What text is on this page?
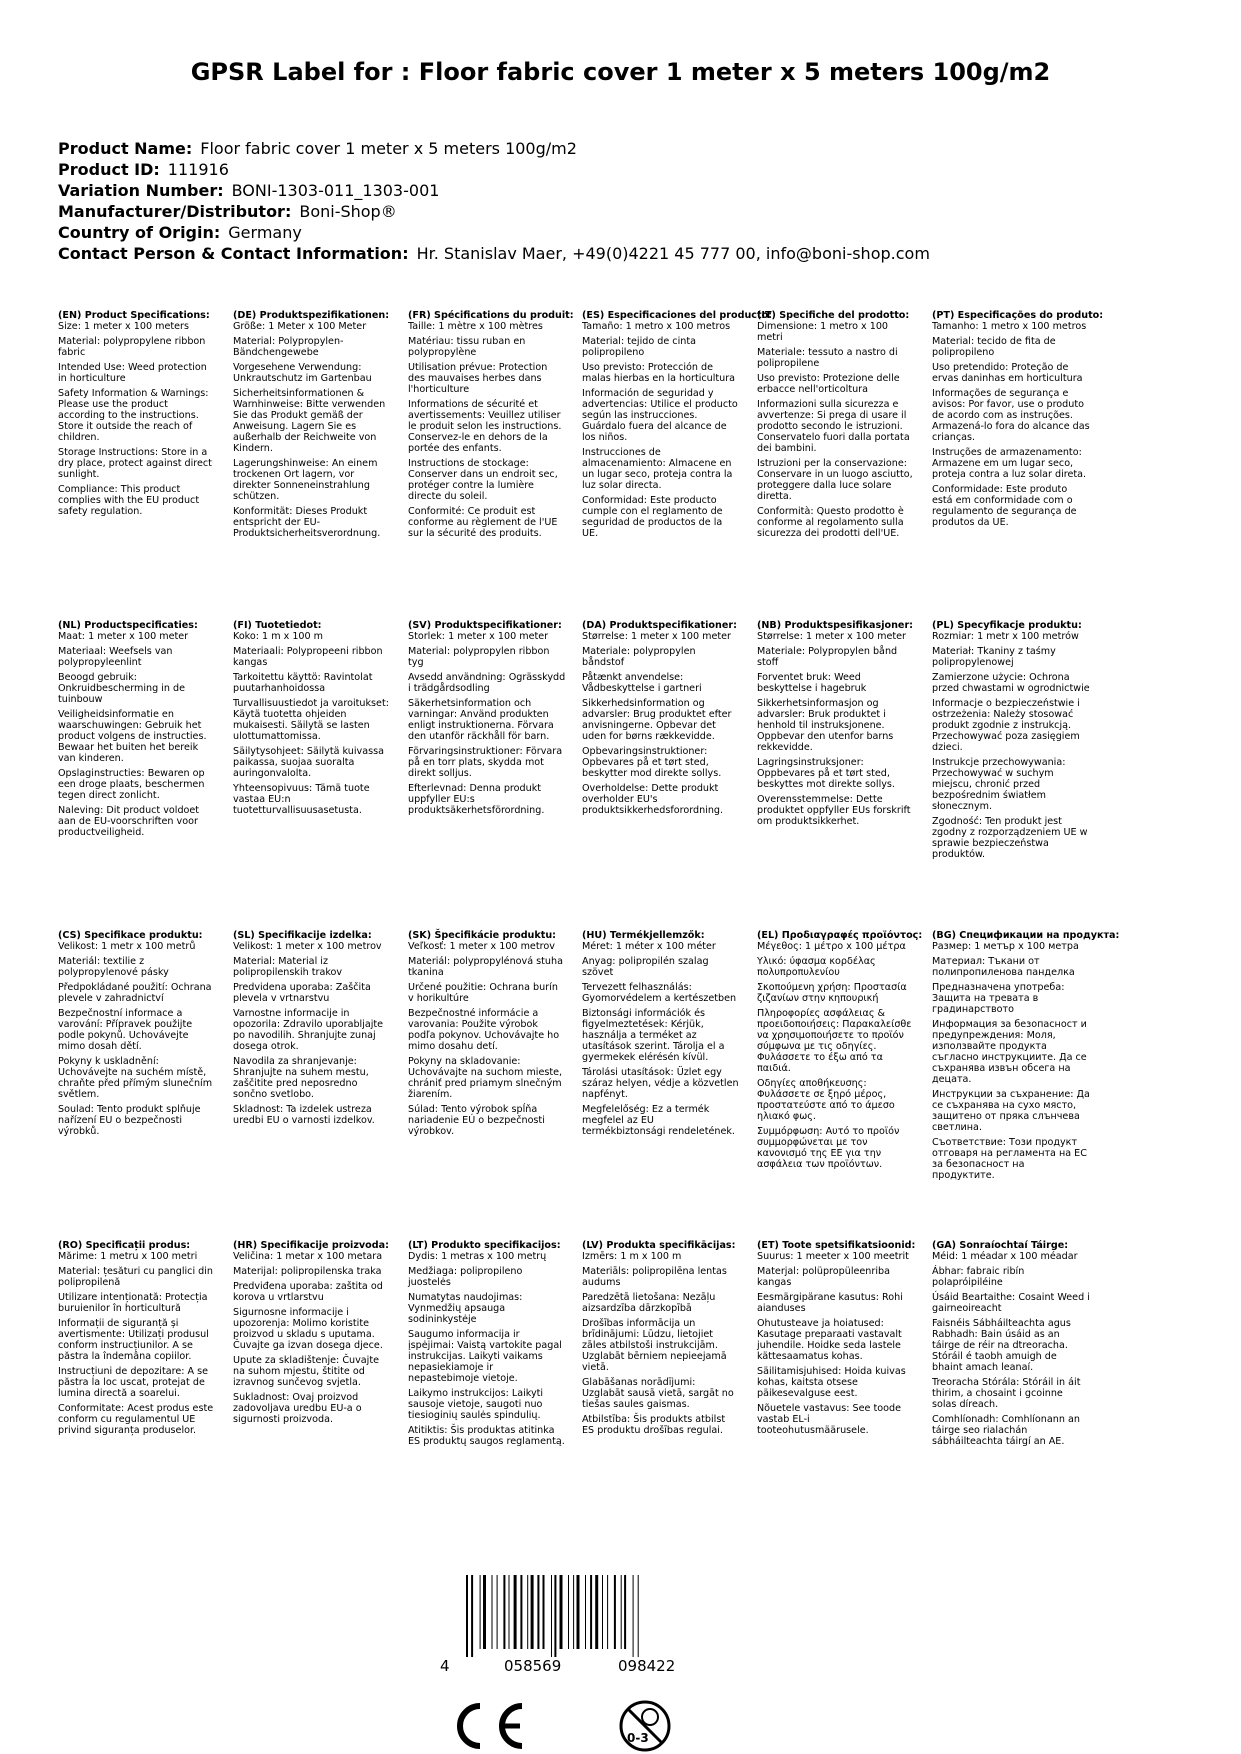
GPSR Label for : Floor fabric cover 1 meter x 5 meters 100g/m2
Product Name: Floor fabric cover 1 meter x 5 meters 100g/m2
Product ID: 111916
Variation Number: BONI-1303-011_1303-001
Manufacturer/Distributor: Boni-Shop®
Country of Origin: Germany
Contact Person & Contact Information: Hr. Stanislav Maer, +49(0)4221 45 777 00, info@boni-shop.com
(EN) Product Specifications:

Size: 1 meter x 100 meters

Material: polypropylene ribbon fabric

Intended Use: Weed protection in horticulture

Safety Information & Warnings: Please use the product according to the instructions. Store it outside the reach of children.

Storage Instructions: Store in a dry place, protect against direct sunlight.

Compliance: This product complies with the EU product safety regulation.

(DE) Produktspezifikationen:

Größe: 1 Meter x 100 Meter

Material: Polypropylen-Bändchengewebe

Vorgesehene Verwendung: Unkrautschutz im Gartenbau

Sicherheitsinformationen & Warnhinweise: Bitte verwenden Sie das Produkt gemäß der Anweisung. Lagern Sie es außerhalb der Reichweite von Kindern.

Lagerungshinweise: An einem trockenen Ort lagern, vor direkter Sonneneinstrahlung schützen.

Konformität: Dieses Produkt entspricht der EU-Produktsicherheitsverordnung.

(FR) Spécifications du produit:

Taille: 1 mètre x 100 mètres

Matériau: tissu ruban en polypropylène

Utilisation prévue: Protection des mauvaises herbes dans l'horticulture

Informations de sécurité et avertissements: Veuillez utiliser le produit selon les instructions. Conservez-le en dehors de la portée des enfants.

Instructions de stockage: Conserver dans un endroit sec, protéger contre la lumière directe du soleil.

Conformité: Ce produit est conforme au règlement de l'UE sur la sécurité des produits.

(ES) Especificaciones del producto:

Tamaño: 1 metro x 100 metros

Material: tejido de cinta polipropileno

Uso previsto: Protección de malas hierbas en la horticultura

Información de seguridad y advertencias: Utilice el producto según las instrucciones. Guárdalo fuera del alcance de los niños.

Instrucciones de almacenamiento: Almacene en un lugar seco, proteja contra la luz solar directa.

Conformidad: Este producto cumple con el reglamento de seguridad de productos de la UE.

(IT) Specifiche del prodotto:

Dimensione: 1 metro x 100 metri

Materiale: tessuto a nastro di polipropilene

Uso previsto: Protezione delle erbacce nell'orticoltura

Informazioni sulla sicurezza e avvertenze: Si prega di usare il prodotto secondo le istruzioni. Conservatelo fuori dalla portata dei bambini.

Istruzioni per la conservazione: Conservare in un luogo asciutto, proteggere dalla luce solare diretta.

Conformità: Questo prodotto è conforme al regolamento sulla sicurezza dei prodotti dell'UE.

(PT) Especificações do produto:

Tamanho: 1 metro x 100 metros

Material: tecido de fita de polipropileno

Uso pretendido: Proteção de ervas daninhas em horticultura

Informações de segurança e avisos: Por favor, use o produto de acordo com as instruções. Armazená-lo fora do alcance das crianças.

Instruções de armazenamento: Armazene em um lugar seco, proteja contra a luz solar direta.

Conformidade: Este produto está em conformidade com o regulamento de segurança de produtos da UE.

(NL) Productspecificaties:

Maat: 1 meter x 100 meter

Materiaal: Weefsels van polypropyleenlint

Beoogd gebruik: Onkruidbescherming in de tuinbouw

Veiligheidsinformatie en waarschuwingen: Gebruik het product volgens de instructies. Bewaar het buiten het bereik van kinderen.

Opslaginstructies: Bewaren op een droge plaats, beschermen tegen direct zonlicht.

Naleving: Dit product voldoet aan de EU-voorschriften voor productveiligheid.

(FI) Tuotetiedot:

Koko: 1 m x 100 m

Materiaali: Polypropeeni ribbon kangas

Tarkoitettu käyttö: Ravintolat puutarhanhoidossa

Turvallisuustiedot ja varoitukset: Käytä tuotetta ohjeiden mukaisesti. Säilytä se lasten ulottumattomissa.

Säilytysohjeet: Säilytä kuivassa paikassa, suojaa suoralta auringonvalolta.

Yhteensopivuus: Tämä tuote vastaa EU:n tuotetturvallisuusasetusta.

(SV) Produktspecifikationer:

Storlek: 1 meter x 100 meter

Material: polypropylen ribbon tyg

Avsedd användning: Ogrässkydd i trädgårdsodling

Säkerhetsinformation och varningar: Använd produkten enligt instruktionerna. Förvara den utanför räckhåll för barn.

Förvaringsinstruktioner: Förvara på en torr plats, skydda mot direkt solljus.

Efterlevnad: Denna produkt uppfyller EU:s produktsäkerhetsförordning.

(DA) Produktspecifikationer:

Størrelse: 1 meter x 100 meter

Materiale: polypropylen båndstof

Påtænkt anvendelse: Vådbeskyttelse i gartneri

Sikkerhedsinformation og advarsler: Brug produktet efter anvisningerne. Opbevar det uden for børns rækkevidde.

Opbevaringsinstruktioner: Opbevares på et tørt sted, beskytter mod direkte sollys.

Overholdelse: Dette produkt overholder EU's produktsikkerhedsforordning.

(NB) Produktspesifikasjoner:

Størrelse: 1 meter x 100 meter

Materiale: Polypropylen bånd stoff

Forventet bruk: Weed beskyttelse i hagebruk

Sikkerhetsinformasjon og advarsler: Bruk produktet i henhold til instruksjonene. Oppbevar den utenfor barns rekkevidde.

Lagringsinstruksjoner: Oppbevares på et tørt sted, beskyttes mot direkte sollys.

Overensstemmelse: Dette produktet oppfyller EUs forskrift om produktsikkerhet.

(PL) Specyfikacje produktu:

Rozmiar: 1 metr x 100 metrów

Materiał: Tkaniny z taśmy polipropylenowej

Zamierzone użycie: Ochrona przed chwastami w ogrodnictwie

Informacje o bezpieczeństwie i ostrzeżenia: Należy stosować produkt zgodnie z instrukcją. Przechowywać poza zasięgiem dzieci.

Instrukcje przechowywania: Przechowywać w suchym miejscu, chronić przed bezpośrednim światłem słonecznym.

Zgodność: Ten produkt jest zgodny z rozporządzeniem UE w sprawie bezpieczeństwa produktów.

(CS) Specifikace produktu:

Velikost: 1 metr x 100 metrů

Materiál: textilie z polypropylenové pásky

Předpokládané použití: Ochrana plevele v zahradnictví

Bezpečnostní informace a varování: Přípravek použijte podle pokynů. Uchovávejte mimo dosah dětí.

Pokyny k uskladnění: Uchovávejte na suchém místě, chraňte před přímým slunečním světlem.

Soulad: Tento produkt splňuje nařízení EU o bezpečnosti výrobků.

(SL) Specifikacije izdelka:

Velikost: 1 meter x 100 metrov

Material: Material iz polipropilenskih trakov

Predvidena uporaba: Zaščita plevela v vrtnarstvu

Varnostne informacije in opozorila: Zdravilo uporabljajte po navodilih. Shranjujte zunaj dosega otrok.

Navodila za shranjevanje: Shranjujte na suhem mestu, zaščitite pred neposredno sončno svetlobo.

Skladnost: Ta izdelek ustreza uredbi EU o varnosti izdelkov.

(SK) Špecifikácie produktu:

Veľkosť: 1 meter x 100 metrov

Materiál: polypropylénová stuha tkanina

Určené použitie: Ochrana burín v horikultúre

Bezpečnostné informácie a varovania: Použite výrobok podľa pokynov. Uchovávajte ho mimo dosahu detí.

Pokyny na skladovanie: Uchovávajte na suchom mieste, chrániť pred priamym slnečným žiarením.

Súlad: Tento výrobok spĺňa nariadenie EÚ o bezpečnosti výrobkov.

(HU) Termékjellemzők:

Méret: 1 méter x 100 méter

Anyag: polipropilén szalag szövet

Tervezett felhasználás: Gyomorvédelem a kertészetben

Biztonsági információk és figyelmeztetések: Kérjük, használja a terméket az utasítások szerint. Tárolja el a gyermekek elérésén kívül.

Tárolási utasítások: Üzlet egy száraz helyen, védje a közvetlen napfényt.

Megfelelőség: Ez a termék megfelel az EU termékbiztonsági rendeletének.

(EL) Προδιαγραφές προϊόντος:

Μέγεθος: 1 μέτρο x 100 μέτρα

Υλικό: ύφασμα κορδέλας πολυπροπυλενίου

Σκοπούμενη χρήση: Προστασία ζιζανίων στην κηπουρική

Πληροφορίες ασφάλειας & προειδοποιήσεις: Παρακαλείσθε να χρησιμοποιήσετε το προϊόν σύμφωνα με τις οδηγίες. Φυλάσσετε το έξω από τα παιδιά.

Οδηγίες αποθήκευσης: Φυλάσσετε σε ξηρό μέρος, προστατεύστε από το άμεσο ηλιακό φως.

Συμμόρφωση: Αυτό το προϊόν συμμορφώνεται με τον κανονισμό της ΕΕ για την ασφάλεια των προϊόντων.

(BG) Спецификации на продукта:

Размер: 1 метър x 100 метра

Материал: Тъкани от полипропиленова панделка

Предназначена употреба: Защита на тревата в градинарството

Информация за безопасност и предупреждения: Моля, използвайте продукта съгласно инструкциите. Да се съхранява извън обсега на децата.

Инструкции за съхранение: Да се съхранява на сухо място, защитено от пряка слънчева светлина.

Съответствие: Този продукт отговаря на регламента на ЕС за безопасност на продуктите.

(RO) Specificații produs:

Mărime: 1 metru x 100 metri

Material: țesături cu panglici din polipropilenă

Utilizare intenționată: Protecția buruienilor în horticultură

Informații de siguranță și avertismente: Utilizați produsul conform instrucțiunilor. A se păstra la îndemâna copiilor.

Instrucțiuni de depozitare: A se păstra la loc uscat, protejat de lumina directă a soarelui.

Conformitate: Acest produs este conform cu regulamentul UE privind siguranța produselor.

(HR) Specifikacije proizvoda:

Veličina: 1 metar x 100 metara

Materijal: polipropilenska traka

Predviđena uporaba: zaštita od korova u vrtlarstvu

Sigurnosne informacije i upozorenja: Molimo koristite proizvod u skladu s uputama. Čuvajte ga izvan dosega djece.

Upute za skladištenje: Čuvajte na suhom mjestu, štitite od izravnog sunčevog svjetla.

Sukladnost: Ovaj proizvod zadovoljava uredbu EU-a o sigurnosti proizvoda.

(LT) Produkto specifikacijos:

Dydis: 1 metras x 100 metrų

Medžiaga: polipropileno juostelės

Numatytas naudojimas: Vynmedžių apsauga sodininkystėje

Saugumo informacija ir įspėjimai: Vaistą vartokite pagal instrukcijas. Laikyti vaikams nepasiekiamoje ir nepastebimoje vietoje.

Laikymo instrukcijos: Laikyti sausoje vietoje, saugoti nuo tiesioginių saulės spindulių.

Atitiktis: Šis produktas atitinka ES produktų saugos reglamentą.

(LV) Produkta specifikācijas:

Izmērs: 1 m x 100 m

Materiāls: polipropilēna lentas audums

Paredzētā lietošana: Nezāļu aizsardzība dārzkopībā

Drošības informācija un brīdinājumi: Lūdzu, lietojiet zāles atbilstoši instrukcijām. Uzglabāt bērniem nepieejamā vietā.

Glabāšanas norādījumi: Uzglabāt sausā vietā, sargāt no tiešas saules gaismas.

Atbilstība: Šis produkts atbilst ES produktu drošības regulai.

(ET) Toote spetsifikatsioonid:

Suurus: 1 meeter x 100 meetrit

Materjal: polüpropüleenriba kangas

Eesmärgipärane kasutus: Rohi aianduses

Ohutusteave ja hoiatused: Kasutage preparaati vastavalt juhendile. Hoidke seda lastele kättesaamatus kohas.

Säilitamisjuhised: Hoida kuivas kohas, kaitsta otsese päikesevalguse eest.

Nõuetele vastavus: See toode vastab EL-i tooteohutusmääruselе.

(GA) Sonraíochtaí Táirge:

Méid: 1 méadar x 100 méadar

Ábhar: fabraic ribín polapróipiléine

Úsáid Beartaithe: Cosaint Weed i gairneoireacht

Faisnéis Sábháilteachta agus Rabhadh: Bain úsáid as an táirge de réir na dtreoracha. Stóráil é taobh amuigh de bhaint amach leanaí.

Treoracha Stórála: Stóráil in áit thirim, a chosaint i gcoinne solas díreach.

Comhlíonadh: Comhlíonann an táirge seo rialachán sábháilteachta táirgí an AE.

4	058569	098422
0-3
